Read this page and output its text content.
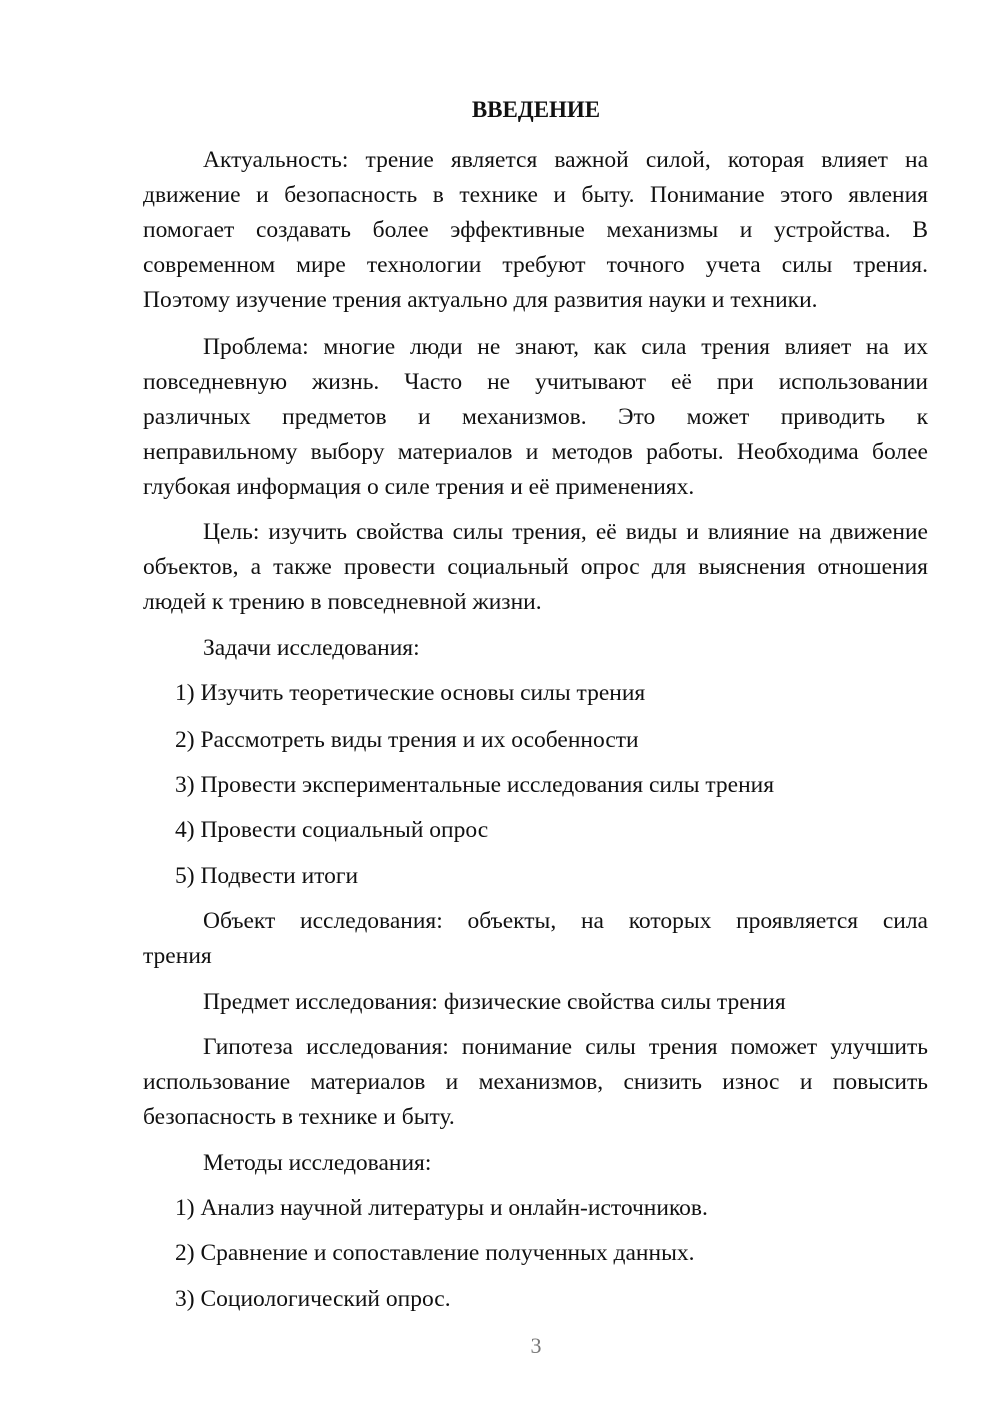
ВВЕДЕНИЕ
Актуальность: трение является важной силой, которая влияет на
движение и безопасность в технике и быту. Понимание этого явления
помогает создавать более эффективные механизмы и устройства. В
современном мире технологии требуют точного учета силы трения.
Поэтому изучение трения актуально для развития науки и техники.
Проблема: многие люди не знают, как сила трения влияет на их
повседневную жизнь. Часто не учитывают её при использовании
различных предметов и механизмов. Это может приводить к
неправильному выбору материалов и методов работы. Необходима более
глубокая информация о силе трения и её применениях.
Цель: изучить свойства силы трения, её виды и влияние на движение
объектов, а также провести социальный опрос для выяснения отношения
людей к трению в повседневной жизни.
Задачи исследования:
1) Изучить теоретические основы силы трения
2) Рассмотреть виды трения и их особенности
3) Провести экспериментальные исследования силы трения
4) Провести социальный опрос
5) Подвести итоги
Объект исследования: объекты, на которых проявляется сила
трения
Предмет исследования: физические свойства силы трения
Гипотеза исследования: понимание силы трения поможет улучшить
использование материалов и механизмов, снизить износ и повысить
безопасность в технике и быту.
Методы исследования:
1) Анализ научной литературы и онлайн-источников.
2) Сравнение и сопоставление полученных данных.
3) Социологический опрос.
3
